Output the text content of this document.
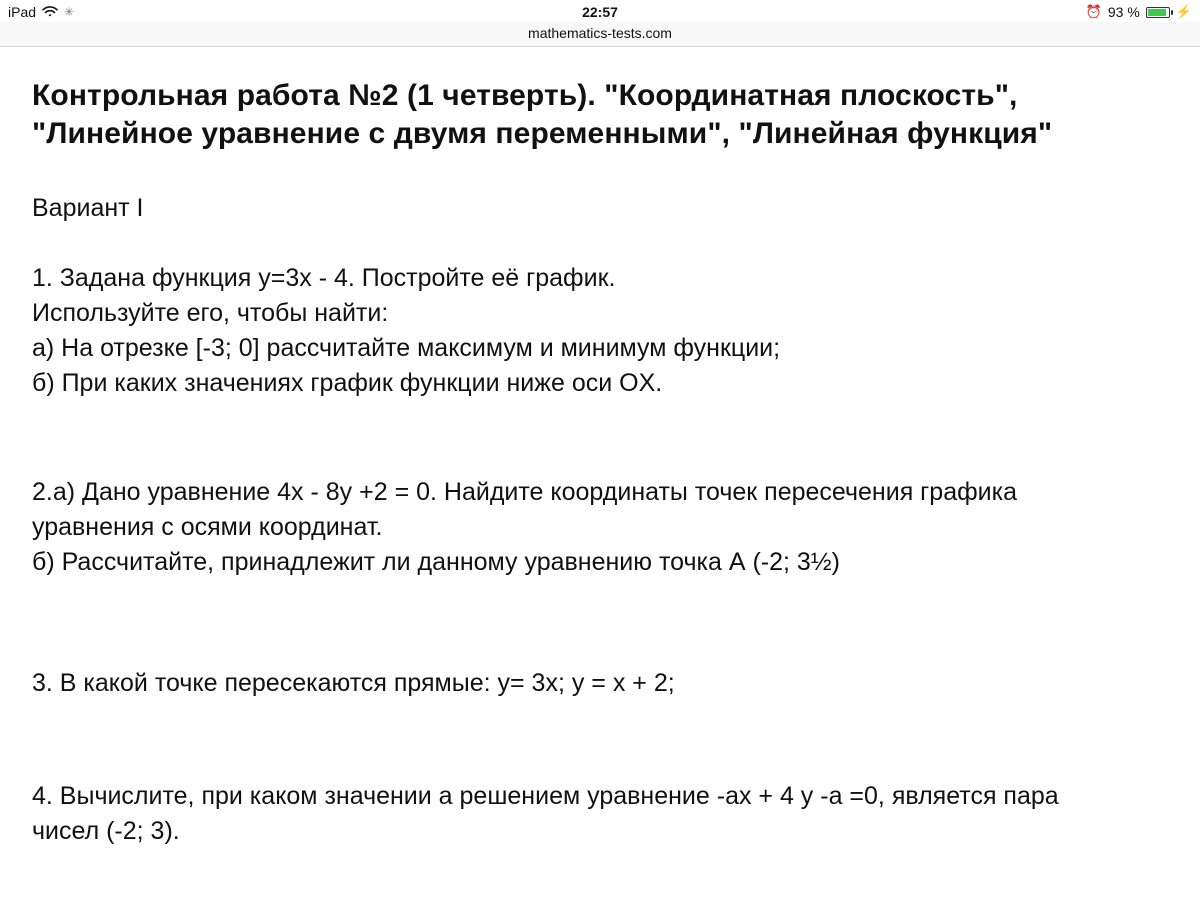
iPad ✳	22:57	⏰ 93 %	⚡
mathematics-tests.com
Контрольная работа №2 (1 четверть). "Координатная плоскость",
"Линейное уравнение с двумя переменными", "Линейная функция"
Вариант I
1. Задана функция y=3x - 4. Постройте её график.
Используйте его, чтобы найти:
а) На отрезке [-3; 0] рассчитайте максимум и минимум функции;
б) При каких значениях график функции ниже оси OX.
2.а) Дано уравнение 4х - 8у +2 = 0. Найдите координаты точек пересечения графика
уравнения с осями координат.
б) Рассчитайте, принадлежит ли данному уравнению точка А (-2; 3½)
3. В какой точке пересекаются прямые: у= 3х; у = х + 2;
4. Вычислите, при каком значении а решением уравнение -ах + 4 у -а =0, является пара
чисел (-2; 3).
